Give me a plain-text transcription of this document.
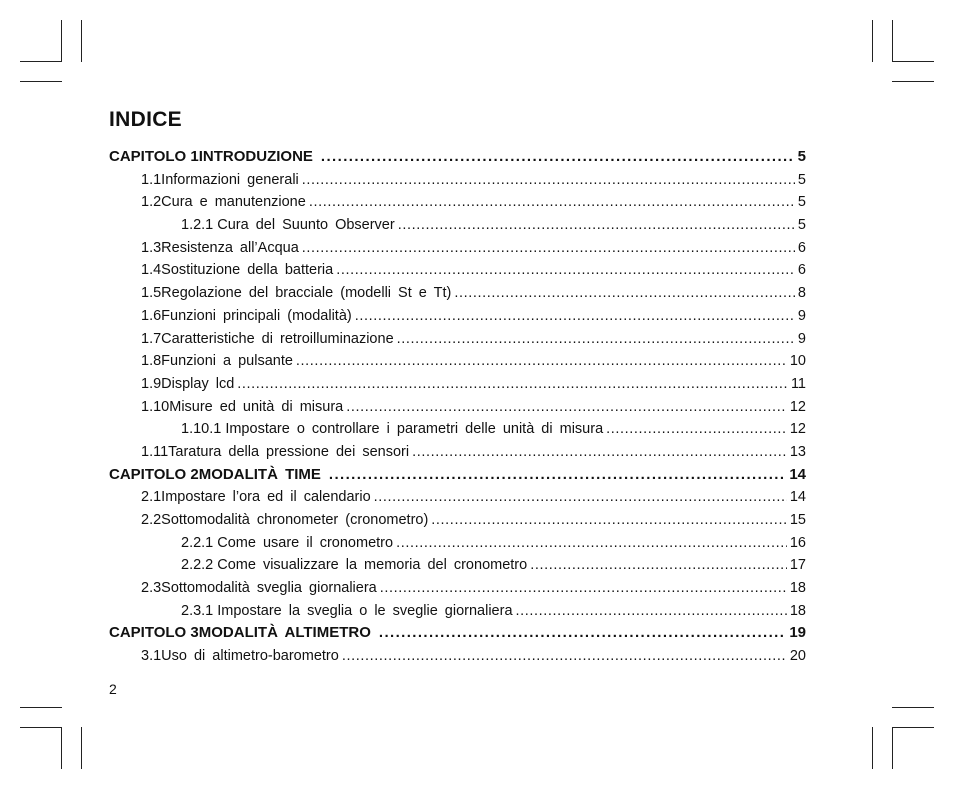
INDICE
CAPITOLO 1 INTRODUZIONE .....	5
1.1 Informazioni generali .....	5
1.2 Cura e manutenzione .....	5
1.2.1 Cura del Suunto Observer .....	5
1.3 Resistenza all’Acqua .....	6
1.4 Sostituzione della batteria .....	6
1.5 Regolazione del bracciale (modelli St e Tt) .....	8
1.6 Funzioni principali (modalità) .....	9
1.7 Caratteristiche di retroilluminazione .....	9
1.8 Funzioni a pulsante .....	10
1.9 Display lcd .....	11
1.10 Misure ed unità di misura .....	12
1.10.1 Impostare o controllare i parametri delle unità di misura .....	12
1.11 Taratura della pressione dei sensori .....	13
CAPITOLO 2 MODALITÀ TIME .....	14
2.1 Impostare l’ora ed il calendario .....	14
2.2 Sottomodalità chronometer (cronometro) .....	15
2.2.1 Come usare il cronometro .....	16
2.2.2 Come visualizzare la memoria del cronometro .....	17
2.3 Sottomodalità sveglia giornaliera .....	18
2.3.1 Impostare la sveglia o le sveglie giornaliera .....	18
CAPITOLO 3 MODALITÀ ALTIMETRO .....	19
3.1 Uso di altimetro-barometro .....	20
2
